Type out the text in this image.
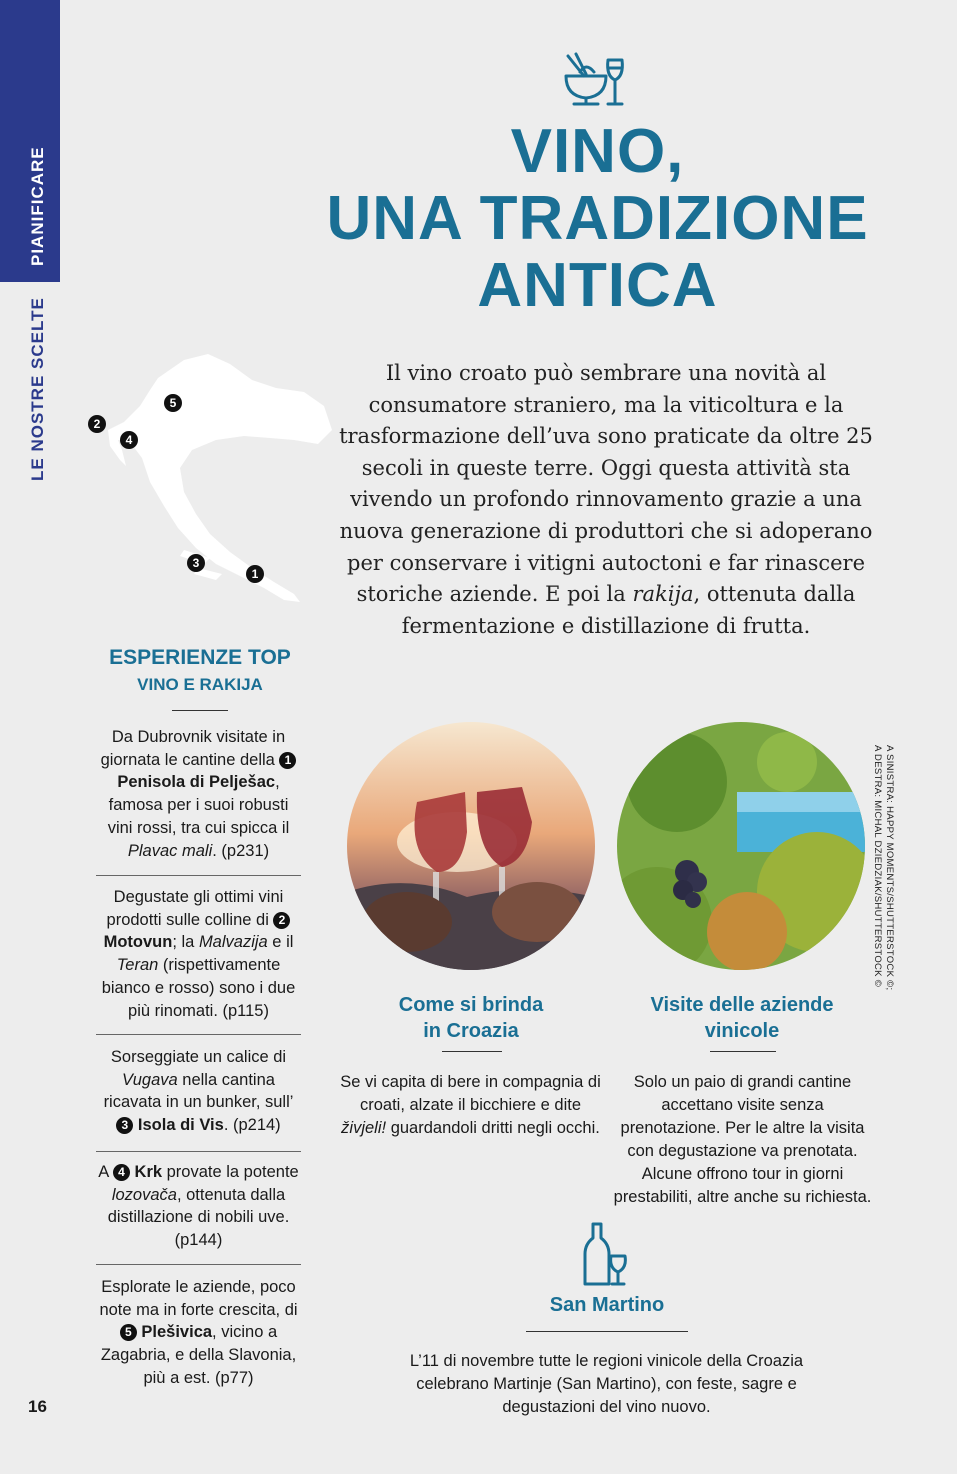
PIANIFICARE
LE NOSTRE SCELTE
16
VINO,
UNA TRADIZIONE
ANTICA
Il vino croato può sembrare una novità al consumatore straniero, ma la viticoltura e la trasformazione dell’uva sono praticate da oltre 25 secoli in queste terre. Oggi questa attività sta vivendo un profondo rinnovamento grazie a una nuova generazione di produttori che si adoperano per conservare i vitigni autoctoni e far rinascere storiche aziende. E poi la rakija, ottenuta dalla fermentazione e distillazione di frutta.
5
2
4
3
1
ESPERIENZE TOP
VINO E RAKIJA
Da Dubrovnik visitate in giornata le cantine della 1 Penisola di Pelješac, famosa per i suoi robusti vini rossi, tra cui spicca il Plavac mali. (p231)
Degustate gli ottimi vini prodotti sulle colline di 2 Motovun; la Malvazija e il Teran (rispettivamente bianco e rosso) sono i due più rinomati. (p115)
Sorseggiate un calice di Vugava nella cantina ricavata in un bunker, sull’3 Isola di Vis. (p214)
A 4 Krk provate la potente lozovača, ottenuta dalla distillazione di nobili uve. (p144)
Esplorate le aziende, poco note ma in forte crescita, di 5 Plešivica, vicino a Zagabria, e della Slavonia, più a est. (p77)
A SINISTRA: HAPPY MOMENTS/SHUTTERSTOCK ©;
A DESTRA: MICHAL DZIEDZIAK/SHUTTERSTOCK ©
Come si brinda
in Croazia
Se vi capita di bere in compagnia di croati, alzate il bicchiere e dite živjeli! guardandoli dritti negli occhi.
Visite delle aziende
vinicole
Solo un paio di grandi cantine accettano visite senza prenotazione. Per le altre la visita con degustazione va prenotata. Alcune offrono tour in giorni prestabiliti, altre anche su richiesta.
San Martino
L’11 di novembre tutte le regioni vinicole della Croazia celebrano Martinje (San Martino), con feste, sagre e degustazioni del vino nuovo.
